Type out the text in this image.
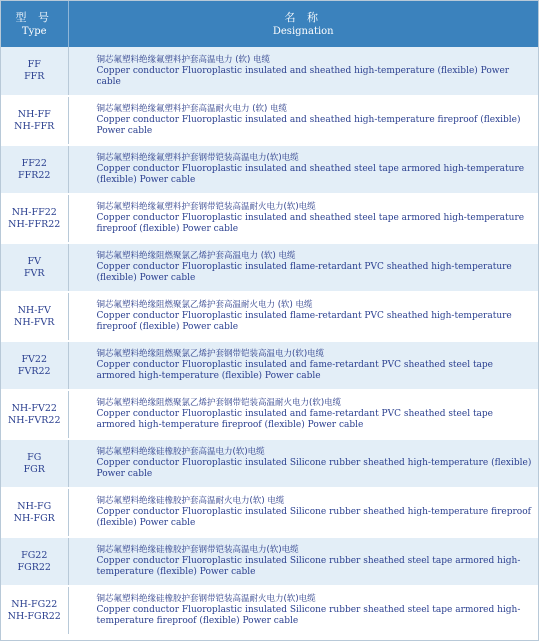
型 号
Type	名 称
Designation

FF
FFR	铜芯氟塑料绝缘氟塑料护套高温电力 (软) 电缆
Copper conductor Fluoroplastic insulated and sheathed high-temperature (flexible) Power cable

NH-FF
NH-FFR	铜芯氟塑料绝缘氟塑料护套高温耐火电力 (软) 电缆
Copper conductor Fluoroplastic insulated and sheathed high-temperature fireproof (flexible) Power cable

FF22
FFR22	铜芯氟塑料绝缘氟塑料护套钢带铠装高温电力(软)电缆
Copper conductor Fluoroplastic insulated and sheathed steel tape armored high-temperature (flexible) Power cable

NH-FF22
NH-FFR22	铜芯氟塑料绝缘氟塑料护套钢带铠装高温耐火电力(软)电缆
Copper conductor Fluoroplastic insulated and sheathed steel tape armored high-temperature fireproof (flexible) Power cable

FV
FVR	铜芯氟塑料绝缘阻燃聚氯乙烯护套高温电力 (软) 电缆
Copper conductor Fluoroplastic insulated flame-retardant PVC sheathed high-temperature (flexible) Power cable

NH-FV
NH-FVR	铜芯氟塑料绝缘阻燃聚氯乙烯护套高温耐火电力 (软) 电缆
Copper conductor Fluoroplastic insulated flame-retardant PVC sheathed high-temperature fireproof (flexible) Power cable

FV22
FVR22	铜芯氟塑料绝缘阻燃聚氯乙烯护套钢带铠装高温电力(软)电缆
Copper conductor Fluoroplastic insulated and fame-retardant PVC sheathed steel tape armored high-temperature (flexible) Power cable

NH-FV22
NH-FVR22	铜芯氟塑料绝缘阻燃聚氯乙烯护套钢带铠装高温耐火电力(软)电缆
Copper conductor Fluoroplastic insulated and fame-retardant PVC sheathed steel tape armored high-temperature fireproof (flexible) Power cable

FG
FGR	铜芯氟塑料绝缘硅橡胶护套高温电力(软)电缆
Copper conductor Fluoroplastic insulated Silicone rubber sheathed high-temperature (flexible) Power cable

NH-FG
NH-FGR	铜芯氟塑料绝缘硅橡胶护套高温耐火电力(软) 电缆
Copper conductor Fluoroplastic insulated Silicone rubber sheathed high-temperature fireproof (flexible) Power cable

FG22
FGR22	铜芯氟塑料绝缘硅橡胶护套钢带铠装高温电力(软)电缆
Copper conductor Fluoroplastic insulated Silicone rubber sheathed steel tape armored high-temperature (flexible) Power cable

NH-FG22
NH-FGR22	铜芯氟塑料绝缘硅橡胶护套钢带铠装高温耐火电力(软)电缆
Copper conductor Fluoroplastic insulated Silicone rubber sheathed steel tape armored high-temperature fireproof (flexible) Power cable
